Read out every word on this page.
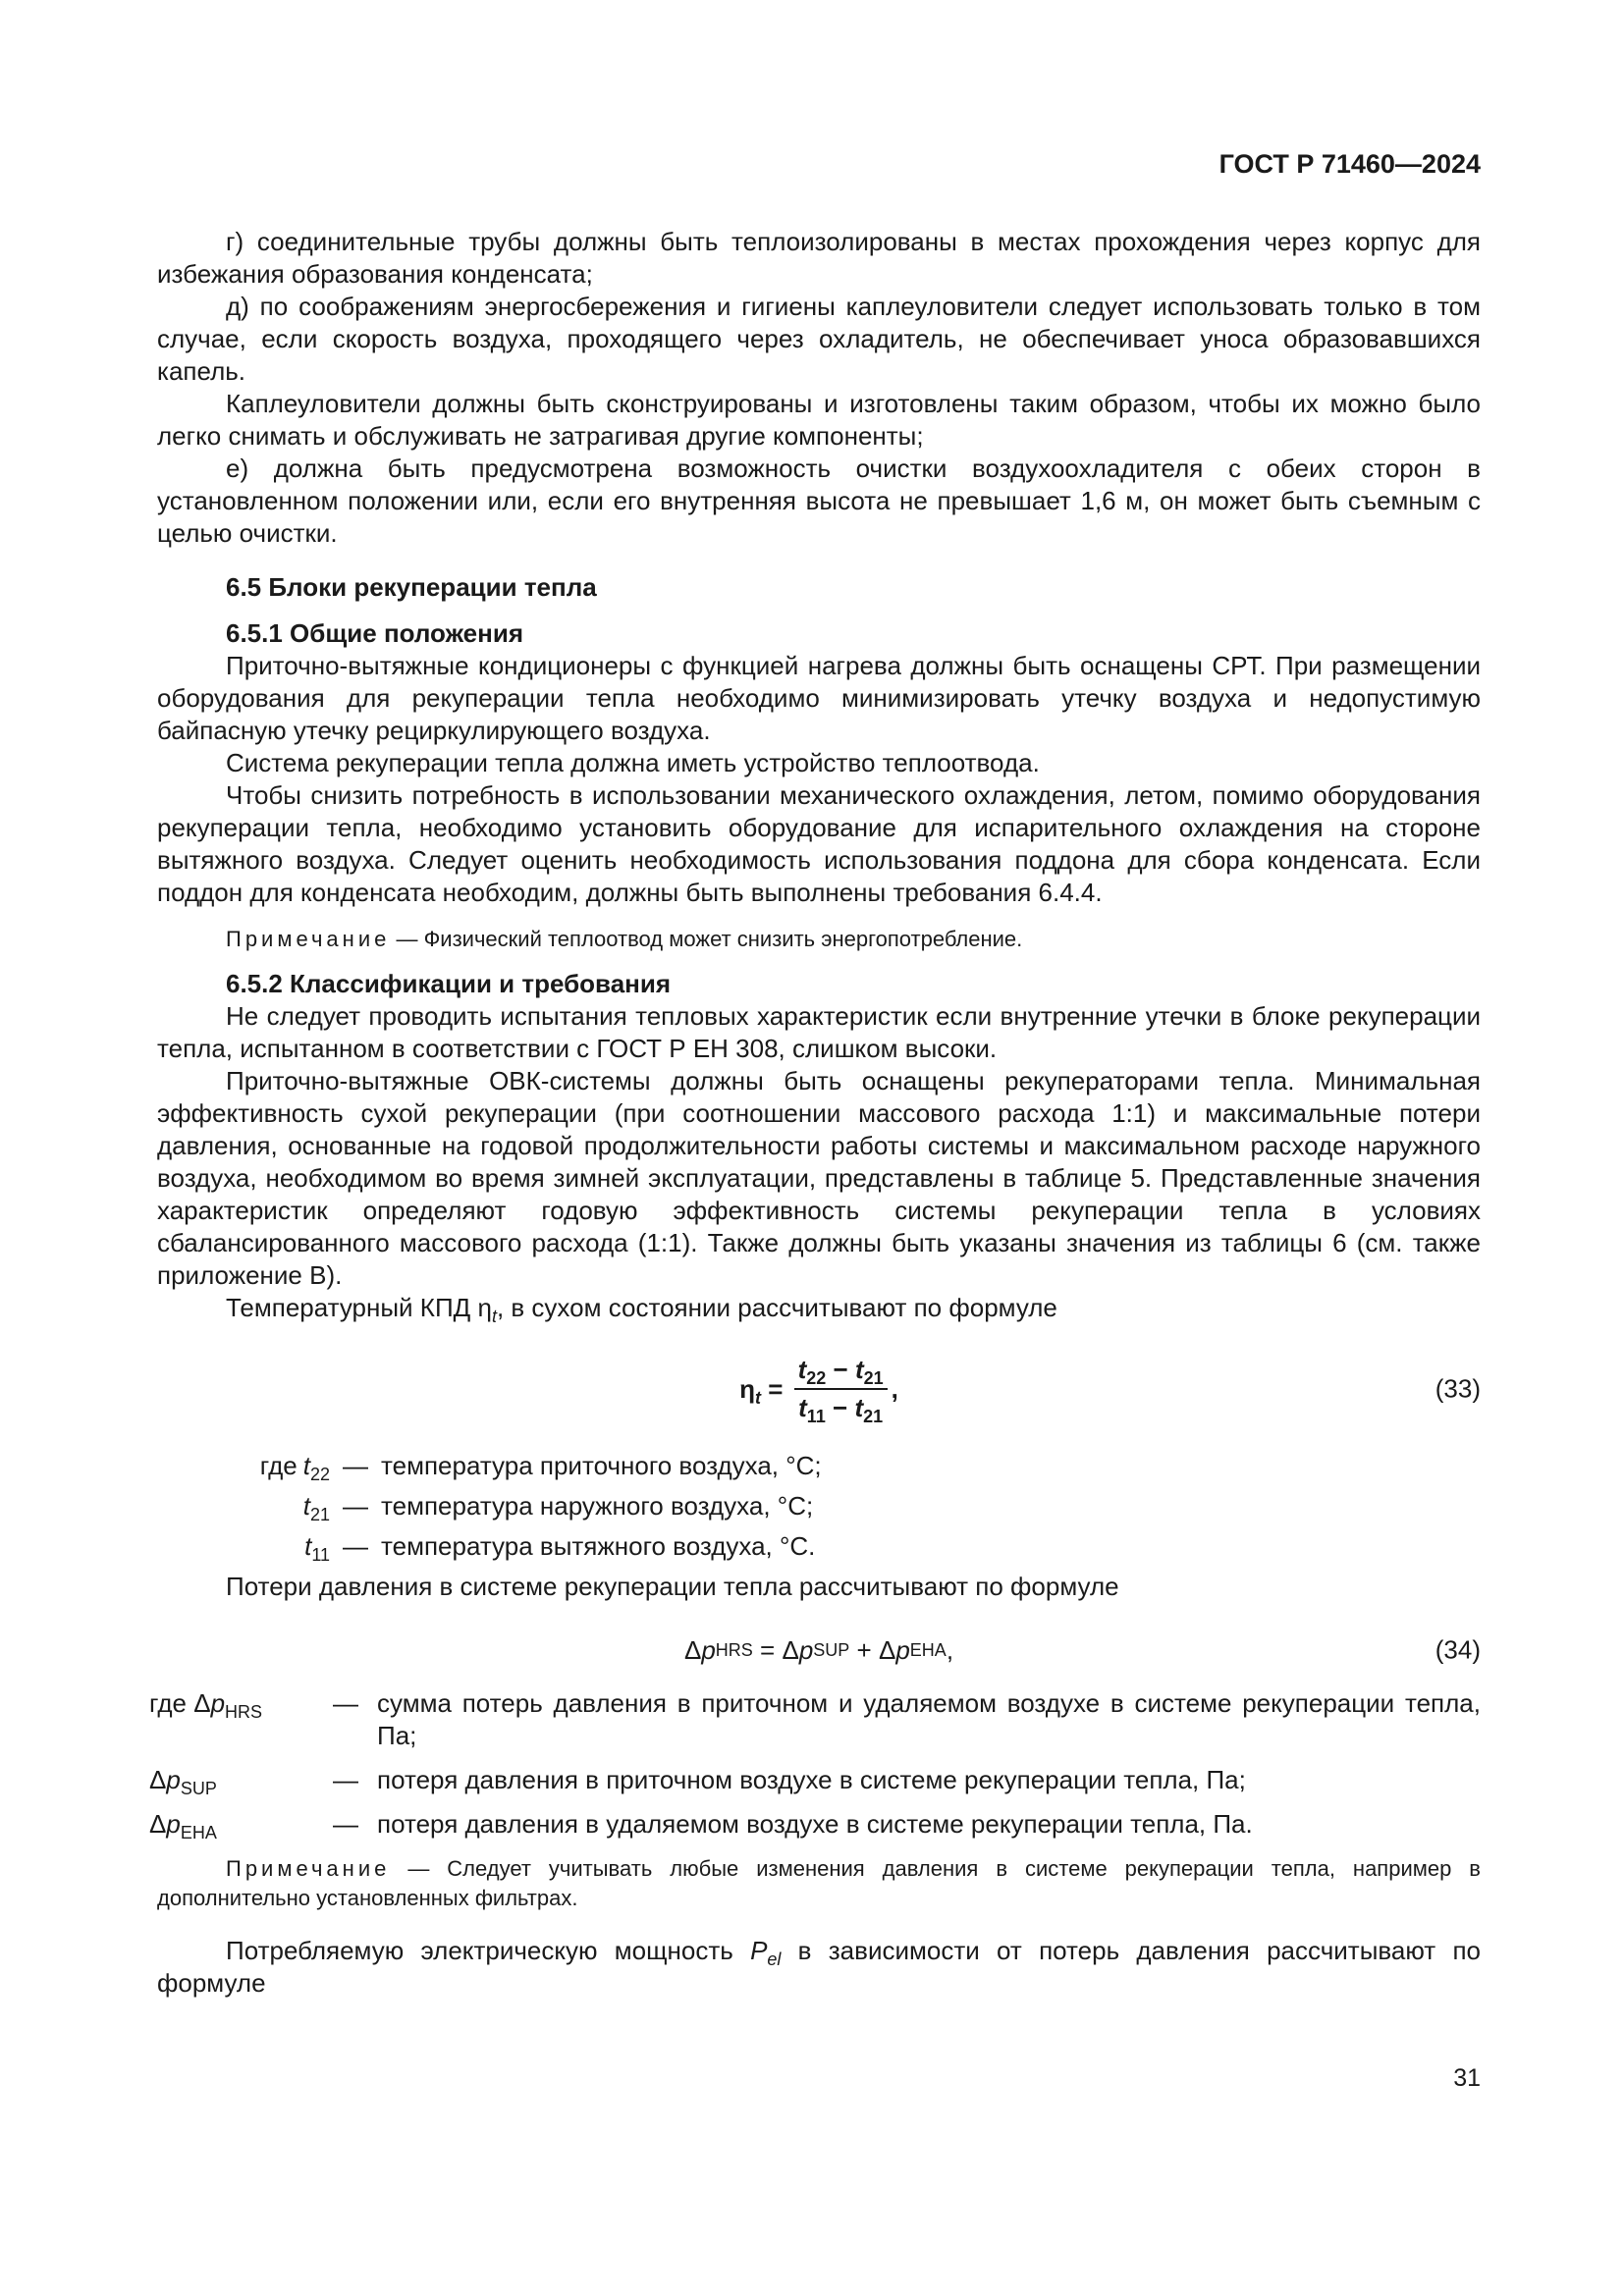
ГОСТ Р 71460—2024

г) соединительные трубы должны быть теплоизолированы в местах прохождения через корпус для избежания образования конденсата;

д) по соображениям энергосбережения и гигиены каплеуловители следует использовать только в том случае, если скорость воздуха, проходящего через охладитель, не обеспечивает уноса образовавшихся капель.

Каплеуловители должны быть сконструированы и изготовлены таким образом, чтобы их можно было легко снимать и обслуживать не затрагивая другие компоненты;

е) должна быть предусмотрена возможность очистки воздухоохладителя с обеих сторон в установленном положении или, если его внутренняя высота не превышает 1,6 м, он может быть съемным с целью очистки.

6.5 Блоки рекуперации тепла

6.5.1 Общие положения

Приточно-вытяжные кондиционеры с функцией нагрева должны быть оснащены СРТ. При размещении оборудования для рекуперации тепла необходимо минимизировать утечку воздуха и недопустимую байпасную утечку рециркулирующего воздуха.

Система рекуперации тепла должна иметь устройство теплоотвода.

Чтобы снизить потребность в использовании механического охлаждения, летом, помимо оборудования рекуперации тепла, необходимо установить оборудование для испарительного охлаждения на стороне вытяжного воздуха. Следует оценить необходимость использования поддона для сбора конденсата. Если поддон для конденсата необходим, должны быть выполнены требования 6.4.4.

Примечание — Физический теплоотвод может снизить энергопотребление.

6.5.2 Классификации и требования

Не следует проводить испытания тепловых характеристик если внутренние утечки в блоке рекуперации тепла, испытанном в соответствии с ГОСТ Р ЕН 308, слишком высоки.

Приточно-вытяжные ОВК-системы должны быть оснащены рекуператорами тепла. Минимальная эффективность сухой рекуперации (при соотношении массового расхода 1:1) и максимальные потери давления, основанные на годовой продолжительности работы системы и максимальном расходе наружного воздуха, необходимом во время зимней эксплуатации, представлены в таблице 5. Представленные значения характеристик определяют годовую эффективность системы рекуперации тепла в условиях сбалансированного массового расхода (1:1). Также должны быть указаны значения из таблицы 6 (см. также приложение В).

Температурный КПД $\eta_t$, в сухом состоянии рассчитывают по формуле

η $_t = \frac{t_{22} - t_{21}}{t_{11} - t_{21}}$ ,	(33)
где $t_{22}$ — температура приточного воздуха, °С;
$t_{21}$ — температура наружного воздуха, °С;
$t_{11}$ — температура вытяжного воздуха, °С.

Потери давления в системе рекуперации тепла рассчитывают по формуле

Δ p HRS = Δ p SUP + Δ p EHA ,	(34)
где $\Delta p_{HRS}$	— сумма потерь давления в приточном и удаляемом воздухе в системе рекуперации тепла, Па;
$\Delta p_{SUP}$	— потеря давления в приточном воздухе в системе рекуперации тепла, Па;
$\Delta p_{EHA}$	— потеря давления в удаляемом воздухе в системе рекуперации тепла, Па.

Примечание — Следует учитывать любые изменения давления в системе рекуперации тепла, например в дополнительно установленных фильтрах.

Потребляемую электрическую мощность $P_{el}$ в зависимости от потерь давления рассчитывают по формуле

31
